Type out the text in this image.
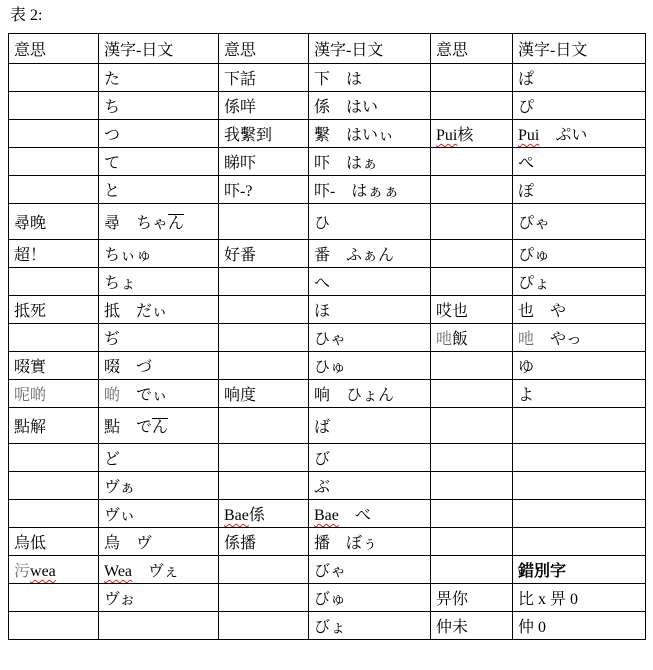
表 2:
意思	漢字-日文	意思	漢字-日文	意思	漢字-日文
	た	下話	下　は		ぱ
	ち	係咩	係　はい		ぴ
	つ	我繫到	繫　はいぃ	Pui核	Pui　ぷい
	て	睇吓	吓　はぁ		ぺ
	と	吓-?	吓-　はぁぁ		ぽ
尋晚	尋　ちゃん		ひ		ぴゃ
超！	ちぃゅ	好番	番　ふぁん		ぴゅ
	ちょ		へ		ぴょ
抵死	抵　だぃ		ほ	哎也	也　や
	ぢ		ひゃ	吔飯	吔　やっ
啜實	啜　づ		ひゅ		ゆ
呢啲	啲　でぃ	响度	响　ひょん		よ
點解	點　でん		ば		
	ど		び		
	ヴぁ		ぶ		
	ヴぃ	Bae係	Bae　べ		
烏低	烏　ヴ	係播	播　ぼぅ		
污wea	Wea　ヴぇ		びゃ		錯別字
	ヴぉ		びゅ	畀你	比 x 畀 0
			びょ	仲未	仲 0
